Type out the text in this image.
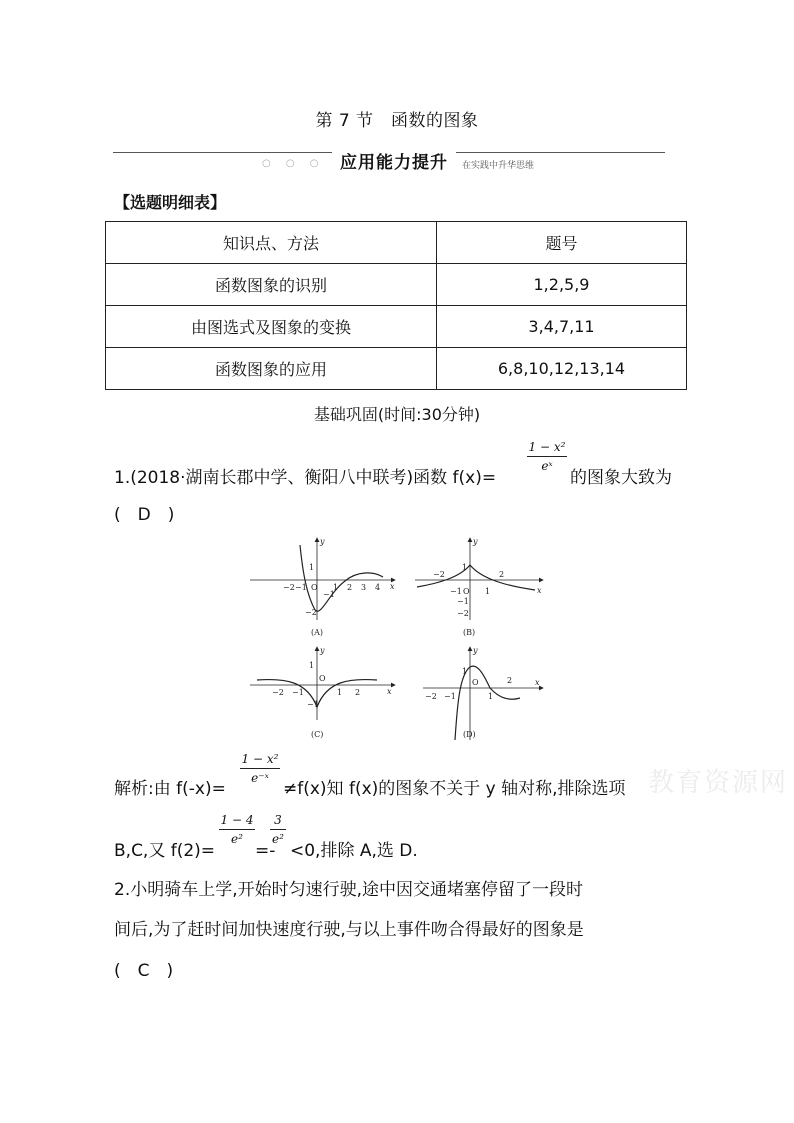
第 7 节　函数的图象
○ ○ ○ 应用能力提升	在实践中升华思维
【选题明细表】
知识点、方法	题号
函数图象的识别	1,2,5,9
由图选式及图象的变换	3,4,7,11
函数图象的应用	6,8,10,12,13,14
基础巩固(时间:30分钟)
1.(2018·湖南长郡中学、衡阳八中联考)函数 f(x)=
1 − x²
eˣ
的图象大致为
(　D　)
x
y
−2 −1 O 1 2 3 4
1
−1
−2
(A)
x
y
−2
−1 O 1
2
1
−1
−2
(B)
x
y
−2 −1
O
1 2
1
−1
(C)
x
y
−2 −1
O
1
2
1
(D)
教育资源网
解析:由 f(-x)=
1 − x²
e⁻ˣ
≠f(x)知 f(x)的图象不关于 y 轴对称,排除选项
B,C,又 f(2)=
1 − 4
e²
=-
3
e²
<0,排除 A,选 D.
2.小明骑车上学,开始时匀速行驶,途中因交通堵塞停留了一段时
间后,为了赶时间加快速度行驶,与以上事件吻合得最好的图象是
(　C　)
